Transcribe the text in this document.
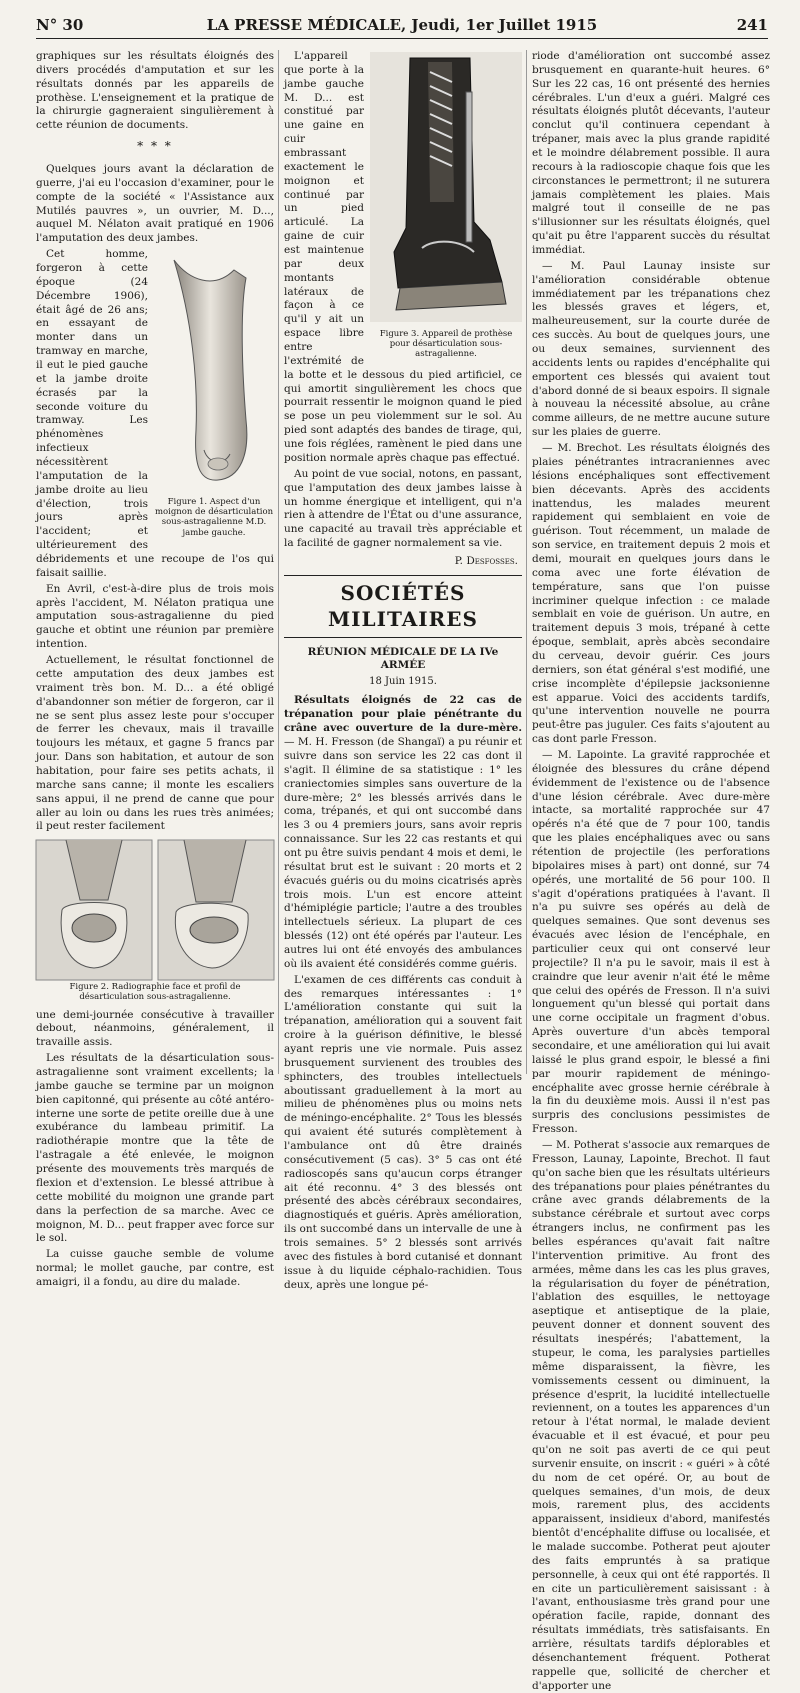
N° 30	LA PRESSE MÉDICALE, Jeudi, 1er Juillet 1915	241

graphiques sur les résultats éloignés des divers procédés d'amputation et sur les résultats donnés par les appareils de prothèse. L'enseignement et la pratique de la chirurgie gagneraient singulièrement à cette réunion de documents.

* * *

Quelques jours avant la déclaration de guerre, j'ai eu l'occasion d'examiner, pour le compte de la société « l'Assistance aux Mutilés pauvres », un ouvrier, M. D..., auquel M. Nélaton avait pratiqué en 1906 l'amputation des deux jambes.

Figure 1. Aspect d'un moignon de désarticulation sous-astragalienne M.D. jambe gauche.

Cet homme, forgeron à cette époque (24 Décembre 1906), était âgé de 26 ans; en essayant de monter dans un tramway en marche, il eut le pied gauche et la jambe droite écrasés par la seconde voiture du tramway. Les phénomènes infectieux nécessitèrent l'amputation de la jambe droite au lieu d'élection, trois jours après l'accident; et ultérieurement des débridements et une recoupe de l'os qui faisait saillie.

En Avril, c'est-à-dire plus de trois mois après l'accident, M. Nélaton pratiqua une amputation sous-astragalienne du pied gauche et obtint une réunion par première intention.

Actuellement, le résultat fonctionnel de cette amputation des deux jambes est vraiment très bon. M. D... a été obligé d'abandonner son métier de forgeron, car il ne se sent plus assez leste pour s'occuper de ferrer les chevaux, mais il travaille toujours les métaux, et gagne 5 francs par jour. Dans son habitation, et autour de son habitation, pour faire ses petits achats, il marche sans canne; il monte les escaliers sans appui, il ne prend de canne que pour aller au loin ou dans les rues très animées; il peut rester facilement

Figure 2. Radiographie face et profil de désarticulation sous-astragalienne.

une demi-journée consécutive à travailler debout, néanmoins, généralement, il travaille assis.

Les résultats de la désarticulation sous-astragalienne sont vraiment excellents; la jambe gauche se termine par un moignon bien capitonné, qui présente au côté antéro-interne une sorte de petite oreille due à une exubérance du lambeau primitif. La radiothérapie montre que la tête de l'astragale a été enlevée, le moignon présente des mouvements très marqués de flexion et d'extension. Le blessé attribue à cette mobilité du moignon une grande part dans la perfection de sa marche. Avec ce moignon, M. D... peut frapper avec force sur le sol.

La cuisse gauche semble de volume normal; le mollet gauche, par contre, est amaigri, il a fondu, au dire du malade.

Figure 3. Appareil de prothèse pour désarticulation sous-astragalienne.

L'appareil que porte à la jambe gauche M. D... est constitué par une gaine en cuir embrassant exactement le moignon et continué par un pied articulé. La gaine de cuir est maintenue par deux montants latéraux de façon à ce qu'il y ait un espace libre entre l'extrémité de la botte et le dessous du pied artificiel, ce qui amortit singulièrement les chocs que pourrait ressentir le moignon quand le pied se pose un peu violemment sur le sol. Au pied sont adaptés des bandes de tirage, qui, une fois réglées, ramènent le pied dans une position normale après chaque pas effectué.

Au point de vue social, notons, en passant, que l'amputation des deux jambes laisse à un homme énergique et intelligent, qui n'a rien à attendre de l'État ou d'une assurance, une capacité au travail très appréciable et la facilité de gagner normalement sa vie.

P. Desfosses.
SOCIÉTÉS MILITAIRES
RÉUNION MÉDICALE DE LA IVe ARMÉE
18 Juin 1915.

Résultats éloignés de 22 cas de trépanation pour plaie pénétrante du crâne avec ouverture de la dure-mère. — M. H. Fresson (de Shangaï) a pu réunir et suivre dans son service les 22 cas dont il s'agit. Il élimine de sa statistique : 1° les craniectomies simples sans ouverture de la dure-mère; 2° les blessés arrivés dans le coma, trépanés, et qui ont succombé dans les 3 ou 4 premiers jours, sans avoir repris connaissance. Sur les 22 cas restants et qui ont pu être suivis pendant 4 mois et demi, le résultat brut est le suivant : 20 morts et 2 évacués guéris ou du moins cicatrisés après trois mois. L'un est encore atteint d'hémiplégie particle; l'autre a des troubles intellectuels sérieux. La plupart de ces blessés (12) ont été opérés par l'auteur. Les autres lui ont été envoyés des ambulances où ils avaient été considérés comme guéris.

L'examen de ces différents cas conduit à des remarques intéressantes : 1° L'amélioration constante qui suit la trépanation, amélioration qui a souvent fait croire à la guérison définitive, le blessé ayant repris une vie normale. Puis assez brusquement survienent des troubles des sphincters, des troubles intellectuels aboutissant graduellement à la mort au milieu de phénomènes plus ou moins nets de méningo-encéphalite. 2° Tous les blessés qui avaient été suturés complètement à l'ambulance ont dû être drainés consécutivement (5 cas). 3° 5 cas ont été radioscopés sans qu'aucun corps étranger ait été reconnu. 4° 3 des blessés ont présenté des abcès cérébraux secondaires, diagnostiqués et guéris. Après amélioration, ils ont succombé dans un intervalle de une à trois semaines. 5° 2 blessés sont arrivés avec des fistules à bord cutanisé et donnant issue à du liquide céphalo-rachidien. Tous deux, après une longue pé-

riode d'amélioration ont succombé assez brusquement en quarante-huit heures. 6° Sur les 22 cas, 16 ont présenté des hernies cérébrales. L'un d'eux a guéri. Malgré ces résultats éloignés plutôt décevants, l'auteur conclut qu'il continuera cependant à trépaner, mais avec la plus grande rapidité et le moindre délabrement possible. Il aura recours à la radioscopie chaque fois que les circonstances le permettront; il ne suturera jamais complètement les plaies. Mais malgré tout il conseille de ne pas s'illusionner sur les résultats éloignés, quel qu'ait pu être l'apparent succès du résultat immédiat.

— M. Paul Launay insiste sur l'amélioration considérable obtenue immédiatement par les trépanations chez les blessés graves et légers, et, malheureusement, sur la courte durée de ces succès. Au bout de quelques jours, une ou deux semaines, surviennent des accidents lents ou rapides d'encéphalite qui emportent ces blessés qui avaient tout d'abord donné de si beaux espoirs. Il signale à nouveau la nécessité absolue, au crâne comme ailleurs, de ne mettre aucune suture sur les plaies de guerre.

— M. Brechot. Les résultats éloignés des plaies pénétrantes intracraniennes avec lésions encéphaliques sont effectivement bien décevants. Après des accidents inattendus, les malades meurent rapidement qui semblaient en voie de guérison. Tout récemment, un malade de son service, en traitement depuis 2 mois et demi, mourait en quelques jours dans le coma avec une forte élévation de température, sans que l'on puisse incriminer quelque infection : ce malade semblait en voie de guérison. Un autre, en traitement depuis 3 mois, trépané à cette époque, semblait, après abcès secondaire du cerveau, devoir guérir. Ces jours derniers, son état général s'est modifié, une crise incomplète d'épilepsie jacksonienne est apparue. Voici des accidents tardifs, qu'une intervention nouvelle ne pourra peut-être pas juguler. Ces faits s'ajoutent au cas dont parle Fresson.

— M. Lapointe. La gravité rapprochée et éloignée des blessures du crâne dépend évidemment de l'existence ou de l'absence d'une lésion cérébrale. Avec dure-mère intacte, sa mortalité rapprochée sur 47 opérés n'a été que de 7 pour 100, tandis que les plaies encéphaliques avec ou sans rétention de projectile (les perforations bipolaires mises à part) ont donné, sur 74 opérés, une mortalité de 56 pour 100. Il s'agit d'opérations pratiquées à l'avant. Il n'a pu suivre ses opérés au delà de quelques semaines. Que sont devenus ses évacués avec lésion de l'encéphale, en particulier ceux qui ont conservé leur projectile? Il n'a pu le savoir, mais il est à craindre que leur avenir n'ait été le même que celui des opérés de Fresson. Il n'a suivi longuement qu'un blessé qui portait dans une corne occipitale un fragment d'obus. Après ouverture d'un abcès temporal secondaire, et une amélioration qui lui avait laissé le plus grand espoir, le blessé a fini par mourir rapidement de méningo-encéphalite avec grosse hernie cérébrale à la fin du deuxième mois. Aussi il n'est pas surpris des conclusions pessimistes de Fresson.

— M. Potherat s'associe aux remarques de Fresson, Launay, Lapointe, Brechot. Il faut qu'on sache bien que les résultats ultérieurs des trépanations pour plaies pénétrantes du crâne avec grands délabrements de la substance cérébrale et surtout avec corps étrangers inclus, ne confirment pas les belles espérances qu'avait fait naître l'intervention primitive. Au front des armées, même dans les cas les plus graves, la régularisation du foyer de pénétration, l'ablation des esquilles, le nettoyage aseptique et antiseptique de la plaie, peuvent donner et donnent souvent des résultats inespérés; l'abattement, la stupeur, le coma, les paralysies partielles même disparaissent, la fièvre, les vomissements cessent ou diminuent, la présence d'esprit, la lucidité intellectuelle reviennent, on a toutes les apparences d'un retour à l'état normal, le malade devient évacuable et il est évacué, et pour peu qu'on ne soit pas averti de ce qui peut survenir ensuite, on inscrit : « guéri » à côté du nom de cet opéré. Or, au bout de quelques semaines, d'un mois, de deux mois, rarement plus, des accidents apparaissent, insidieux d'abord, manifestés bientôt d'encéphalite diffuse ou localisée, et le malade succombe. Potherat peut ajouter des faits empruntés à sa pratique personnelle, à ceux qui ont été rapportés. Il en cite un particulièrement saisissant : à l'avant, enthousiasme très grand pour une opération facile, rapide, donnant des résultats immédiats, très satisfaisants. En arrière, résultats tardifs déplorables et désenchantement fréquent. Potherat rappelle que, sollicité de chercher et d'apporter une
